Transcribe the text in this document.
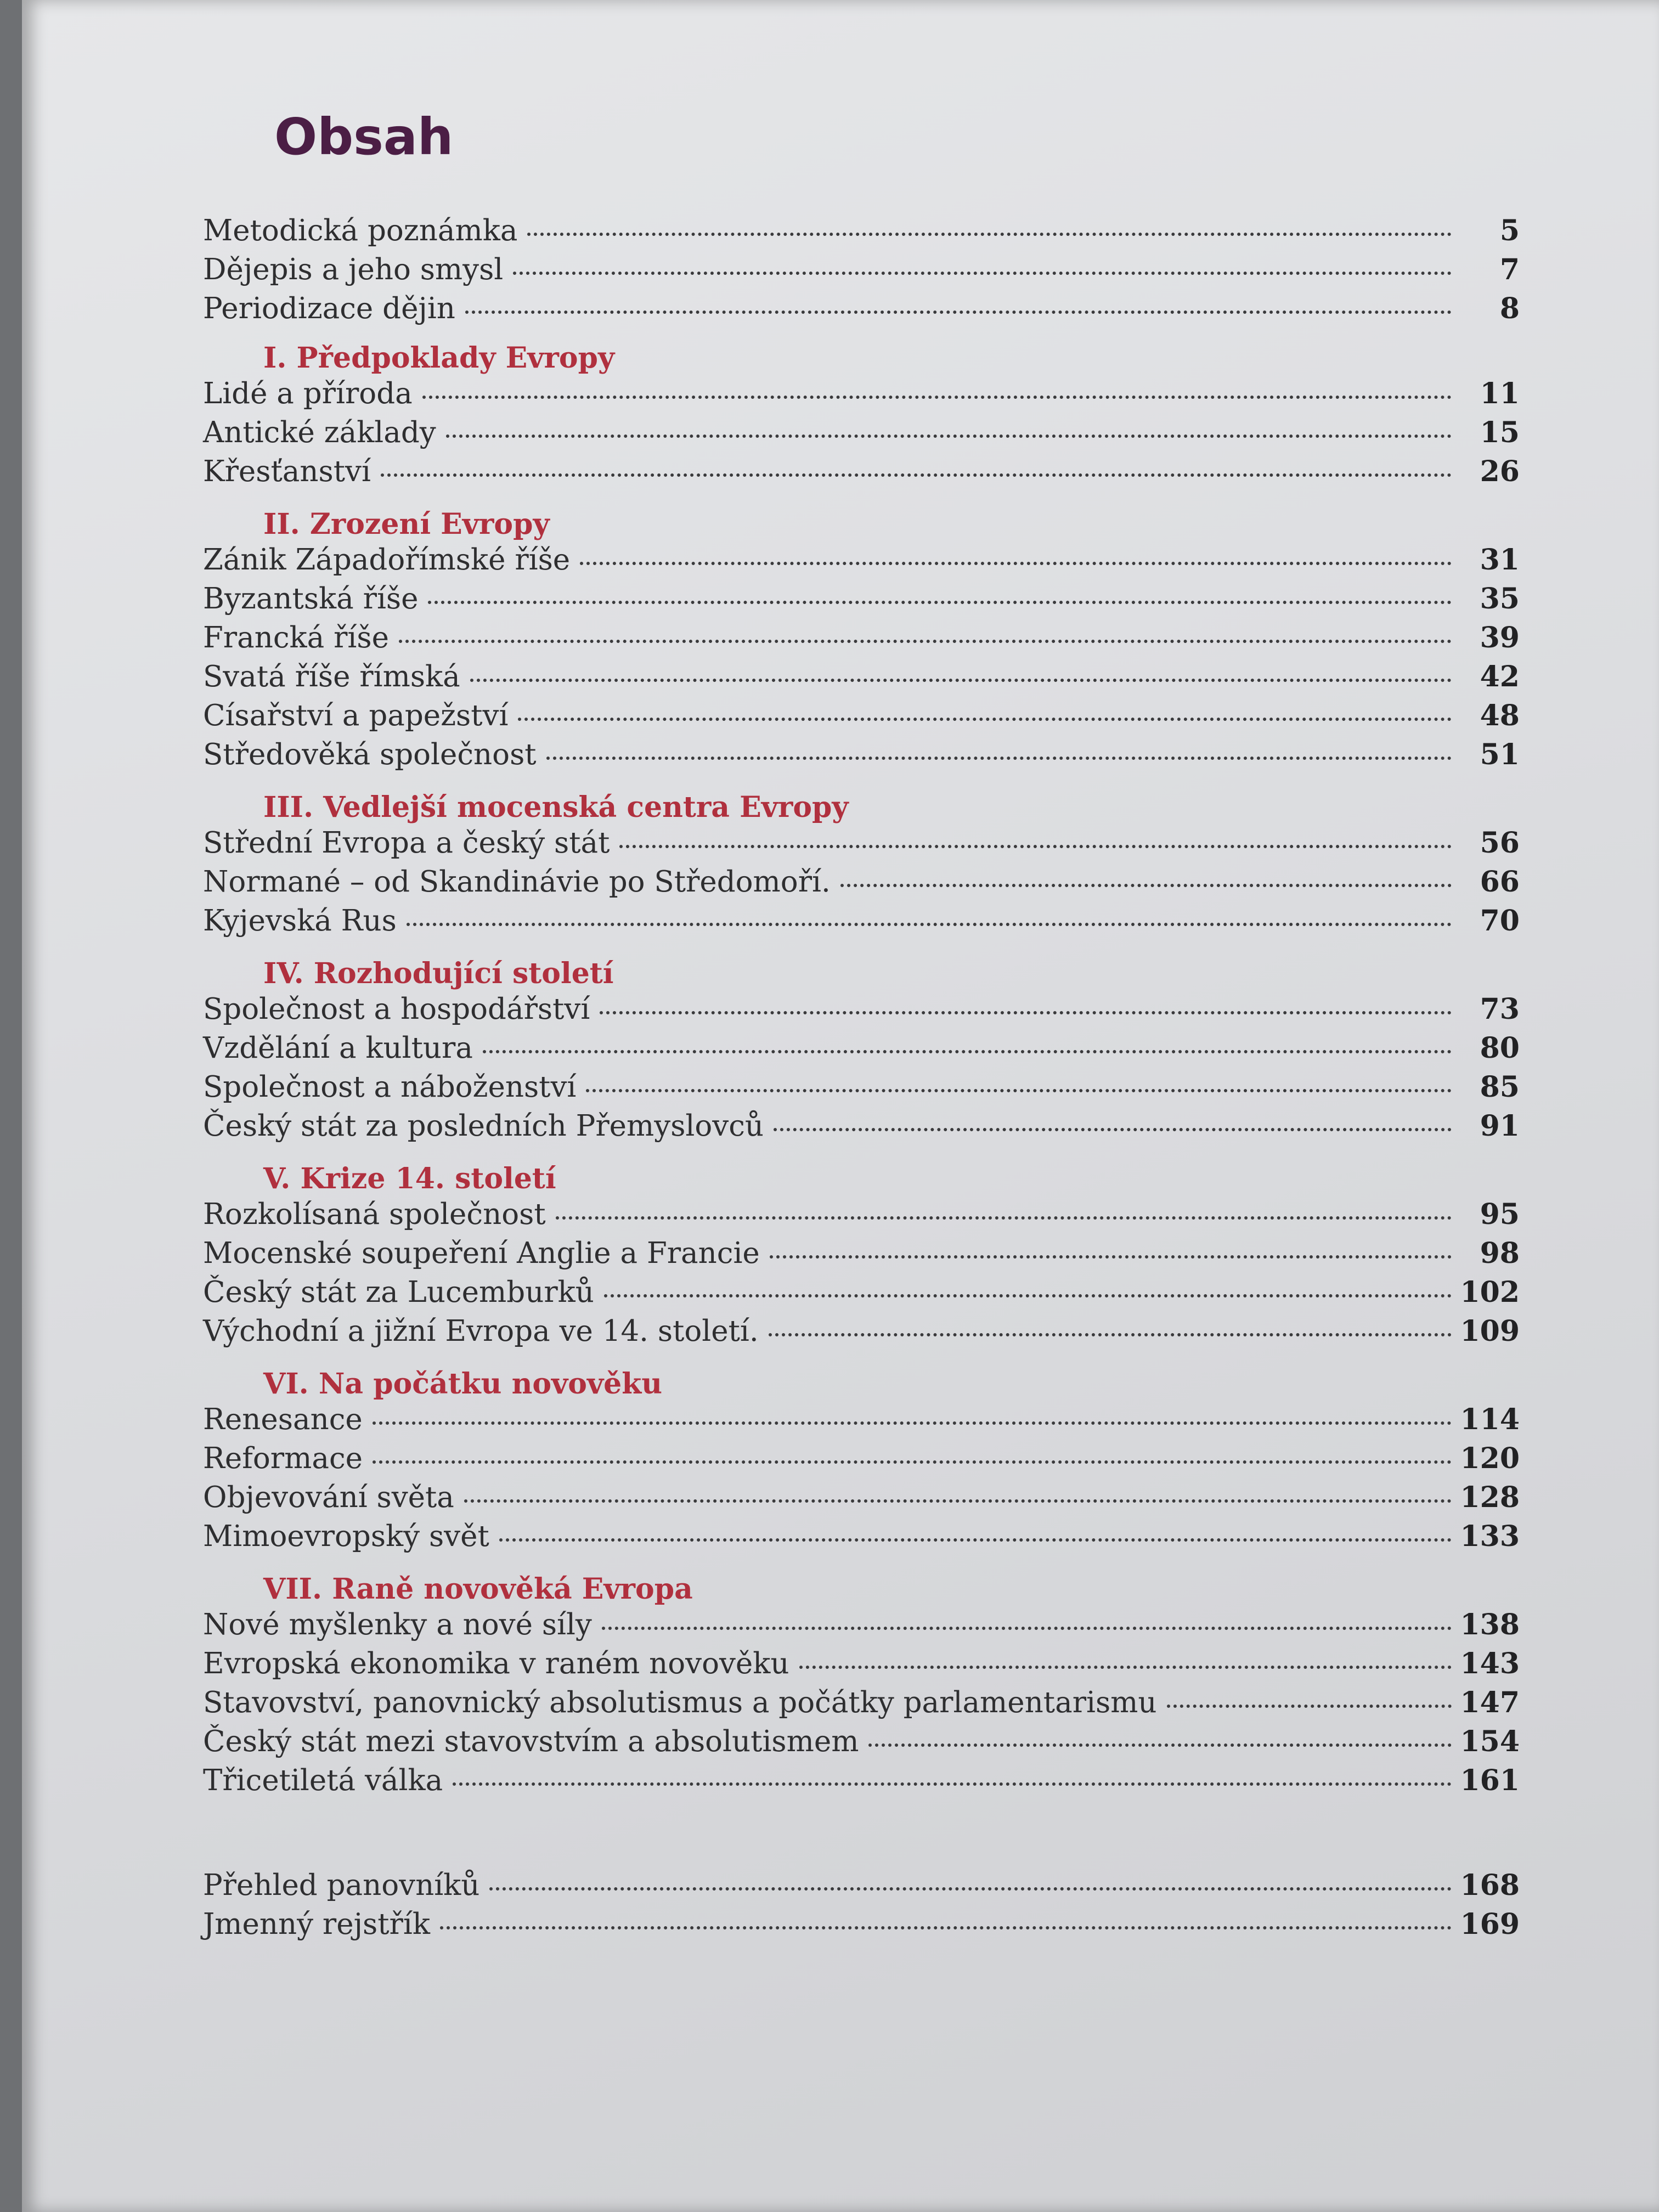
Obsah
Metodická poznámka	5
Dějepis a jeho smysl	7
Periodizace dějin	8
I. Předpoklady Evropy
Lidé a příroda	11
Antické základy	15
Křesťanství	26
II. Zrození Evropy
Zánik Západořímské říše	31
Byzantská říše	35
Francká říše	39
Svatá říše římská	42
Císařství a papežství	48
Středověká společnost	51
III. Vedlejší mocenská centra Evropy
Střední Evropa a český stát	56
Normané – od Skandinávie po Středomoří.	66
Kyjevská Rus	70
IV. Rozhodující století
Společnost a hospodářství	73
Vzdělání a kultura	80
Společnost a náboženství	85
Český stát za posledních Přemyslovců	91
V. Krize 14. století
Rozkolísaná společnost	95
Mocenské soupeření Anglie a Francie	98
Český stát za Lucemburků	102
Východní a jižní Evropa ve 14. století.	109
VI. Na počátku novověku
Renesance	114
Reformace	120
Objevování světa	128
Mimoevropský svět	133
VII. Raně novověká Evropa
Nové myšlenky a nové síly	138
Evropská ekonomika v raném novověku	143
Stavovství, panovnický absolutismus a počátky parlamentarismu	147
Český stát mezi stavovstvím a absolutismem	154
Třicetiletá válka	161
Přehled panovníků	168
Jmenný rejstřík	169
